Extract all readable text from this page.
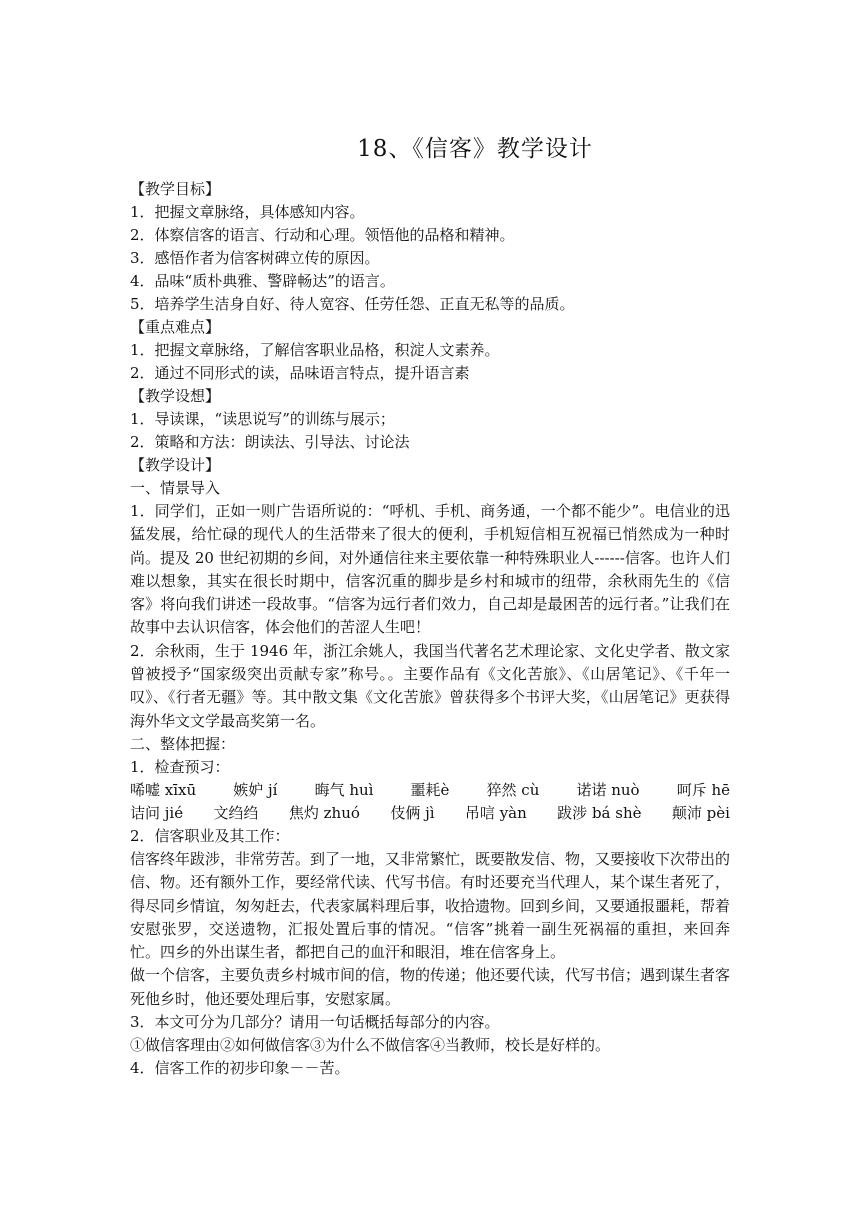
18、《信客》教学设计
【教学目标】
1．把握文章脉络，具体感知内容。
2．体察信客的语言、行动和心理。领悟他的品格和精神。
3．感悟作者为信客树碑立传的原因。
4．品味“质朴典雅、警辟畅达”的语言。
5．培养学生洁身自好、待人宽容、任劳任怨、正直无私等的品质。
【重点难点】
1．把握文章脉络，了解信客职业品格，积淀人文素养。
2．通过不同形式的读，品味语言特点，提升语言素
【教学设想】
1．导读课，“读思说写”的训练与展示；
2．策略和方法：朗读法、引导法、讨论法
【教学设计】
一、情景导入
1．同学们，正如一则广告语所说的：“呼机、手机、商务通，一个都不能少”。电信业的迅猛发展，给忙碌的现代人的生活带来了很大的便利，手机短信相互祝福已悄然成为一种时尚。提及 20 世纪初期的乡间，对外通信往来主要依靠一种特殊职业人------信客。也许人们难以想象，其实在很长时期中，信客沉重的脚步是乡村和城市的纽带，余秋雨先生的《信客》将向我们讲述一段故事。“信客为远行者们效力，自己却是最困苦的远行者。”让我们在故事中去认识信客，体会他们的苦涩人生吧！
2．余秋雨，生于 1946 年，浙江余姚人，我国当代著名艺术理论家、文化史学者、散文家曾被授予“国家级突出贡献专家”称号。。主要作品有《文化苦旅》、《山居笔记》、《千年一叹》、《行者无疆》等。其中散文集《文化苦旅》曾获得多个书评大奖，《山居笔记》更获得海外华文文学最高奖第一名。
二、整体把握：
1．检查预习：
唏嘘 xīxū 嫉妒 jí 晦气 huì 噩耗è 猝然 cù 诺诺 nuò 呵斥 hē
诘问 jié 文绉绉 焦灼 zhuó 伎俩 jì 吊唁 yàn 跋涉 bá shè 颠沛 pèi
2．信客职业及其工作：
信客终年跋涉，非常劳苦。到了一地，又非常繁忙，既要散发信、物，又要接收下次带出的信、物。还有额外工作，要经常代读、代写书信。有时还要充当代理人，某个谋生者死了，得尽同乡情谊，匆匆赶去，代表家属料理后事，收拾遗物。回到乡间，又要通报噩耗，帮着安慰张罗，交送遗物，汇报处置后事的情况。“信客”挑着一副生死祸福的重担，来回奔忙。四乡的外出谋生者，都把自己的血汗和眼泪，堆在信客身上。
做一个信客，主要负责乡村城市间的信，物的传递；他还要代读，代写书信；遇到谋生者客死他乡时，他还要处理后事，安慰家属。
3．本文可分为几部分？请用一句话概括每部分的内容。
①做信客理由②如何做信客③为什么不做信客④当教师，校长是好样的。
4．信客工作的初步印象－－苦。
